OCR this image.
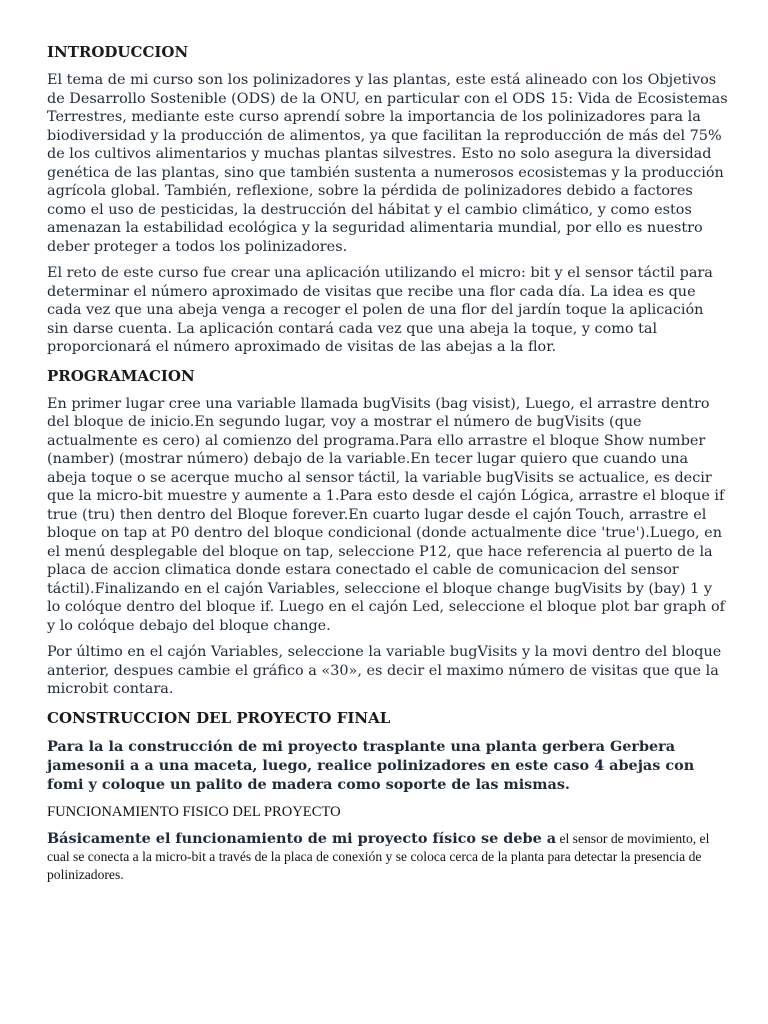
INTRODUCCION

El tema de mi curso son los polinizadores y las plantas, este está alineado con los Objetivos de Desarrollo Sostenible (ODS) de la ONU, en particular con el ODS 15: Vida de Ecosistemas Terrestres, mediante este curso aprendí sobre la importancia de los polinizadores para la biodiversidad y la producción de alimentos, ya que facilitan la reproducción de más del 75% de los cultivos alimentarios y muchas plantas silvestres. Esto no solo asegura la diversidad genética de las plantas, sino que también sustenta a numerosos ecosistemas y la producción agrícola global. También, reflexione, sobre la pérdida de polinizadores debido a factores como el uso de pesticidas, la destrucción del hábitat y el cambio climático, y como estos amenazan la estabilidad ecológica y la seguridad alimentaria mundial, por ello es nuestro deber proteger a todos los polinizadores.

El reto de este curso fue crear una aplicación utilizando el micro: bit y el sensor táctil para determinar el número aproximado de visitas que recibe una flor cada día. La idea es que cada vez que una abeja venga a recoger el polen de una flor del jardín toque la aplicación sin darse cuenta. La aplicación contará cada vez que una abeja la toque, y como tal proporcionará el número aproximado de visitas de las abejas a la flor.

PROGRAMACION

En primer lugar cree una variable llamada bugVisits (bag visist), Luego, el arrastre dentro del bloque de inicio.En segundo lugar, voy a mostrar el número de bugVisits (que actualmente es cero) al comienzo del programa.Para ello arrastre el bloque Show number (namber) (mostrar número) debajo de la variable.En tecer lugar quiero que cuando una abeja toque o se acerque mucho al sensor táctil, la variable bugVisits se actualice, es decir que la micro-bit muestre y aumente a 1.Para esto desde el cajón Lógica, arrastre el bloque if true (tru) then dentro del Bloque forever.En cuarto lugar desde el cajón Touch, arrastre el bloque on tap at P0 dentro del bloque condicional (donde actualmente dice 'true').Luego, en el menú desplegable del bloque on tap, seleccione P12, que hace referencia al puerto de la placa de accion climatica donde estara conectado el cable de comunicacion del sensor táctil).Finalizando en el cajón Variables, seleccione el bloque change bugVisits by (bay) 1 y lo colóque dentro del bloque if. Luego en el cajón Led, seleccione el bloque plot bar graph of y lo colóque debajo del bloque change.

Por último en el cajón Variables, seleccione la variable bugVisits y la movi dentro del bloque anterior, despues cambie el gráfico a «30», es decir el maximo número de visitas que que la microbit contara.

CONSTRUCCION DEL PROYECTO FINAL

Para la la construcción de mi proyecto trasplante una planta gerbera Gerbera jamesonii a a una maceta, luego, realice polinizadores en este caso 4 abejas con fomi y coloque un palito de madera como soporte de las mismas.

FUNCIONAMIENTO FISICO DEL PROYECTO

Básicamente el funcionamiento de mi proyecto físico se debe a el sensor de movimiento, el cual se conecta a la micro-bit a través de la placa de conexión y se coloca cerca de la planta para detectar la presencia de polinizadores.
